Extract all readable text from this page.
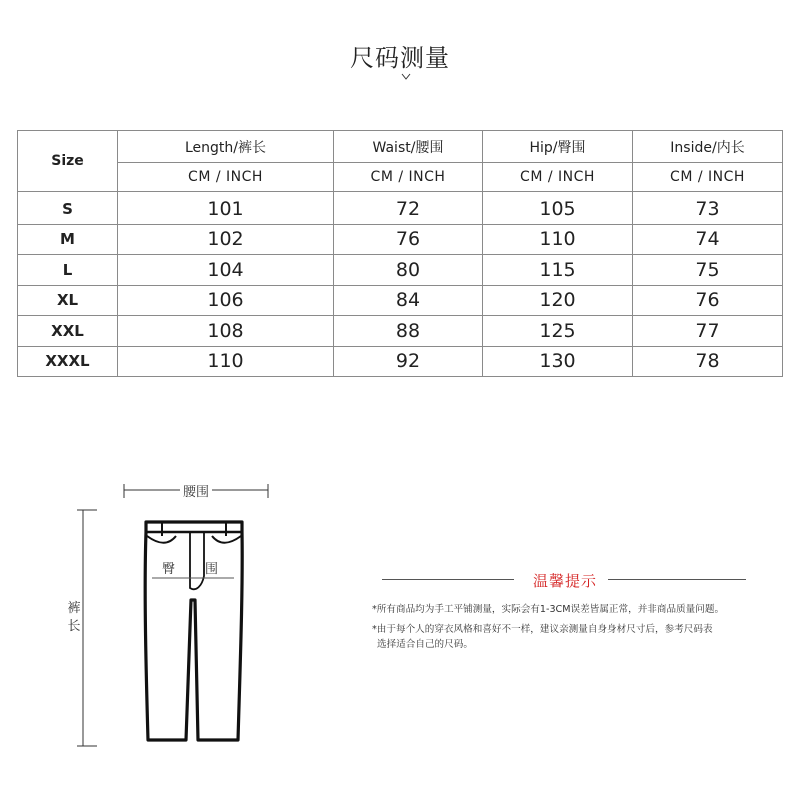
尺码测量
Size	Length/裤长	Waist/腰围	Hip/臀围	Inside/内长
	CM / INCH	CM / INCH	CM / INCH	CM / INCH
S	101	72	105	73
M	102	76	110	74
L	104	80	115	75
XL	106	84	120	76
XXL	108	88	125	77
XXXL	110	92	130	78
腰围
裤长
臀 围
温馨提示
*所有商品均为手工平铺测量，实际会有1-3CM误差皆属正常，并非商品质量问题。
*由于每个人的穿衣风格和喜好不一样，建议亲测量自身身材尺寸后，参考尺码表
选择适合自己的尺码。
